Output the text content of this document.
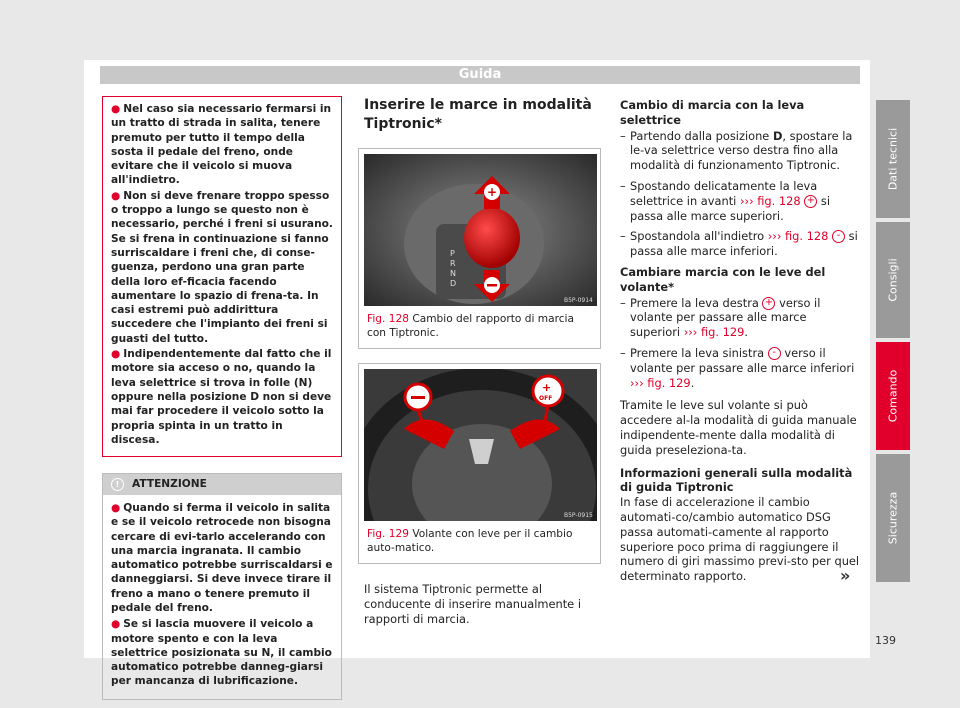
Guida

● Nel caso sia necessario fermarsi in un tratto di strada in salita, tenere premuto per tutto il tempo della sosta il pedale del freno, onde evitare che il veicolo si muova all'indietro.

● Non si deve frenare troppo spesso o troppo a lungo se questo non è necessario, perché i freni si usurano. Se si frena in continuazione si fanno surriscaldare i freni che, di conse-guenza, perdono una gran parte della loro ef-ficacia facendo aumentare lo spazio di frena-ta. In casi estremi può addirittura succedere che l'impianto dei freni si guasti del tutto.

● Indipendentemente dal fatto che il motore sia acceso o no, quando la leva selettrice si trova in folle (N) oppure nella posizione D non si deve mai far procedere il veicolo sotto la propria spinta in un tratto in discesa.

!	ATTENZIONE

● Quando si ferma il veicolo in salita e se il veicolo retrocede non bisogna cercare di evi-tarlo accelerando con una marcia ingranata. Il cambio automatico potrebbe surriscaldarsi e danneggiarsi. Si deve invece tirare il freno a mano o tenere premuto il pedale del freno.

● Se si lascia muovere il veicolo a motore spento e con la leva selettrice posizionata su N, il cambio automatico potrebbe danneg-giarsi per mancanza di lubrificazione.

Inserire le marce in modalità
Tiptronic*
P
R
N
D
+
B5P-0914
Fig. 128 Cambio del rapporto di marcia con Tiptronic.
+
OFF
B5P-0915
Fig. 129 Volante con leve per il cambio auto-matico.

Il sistema Tiptronic permette al conducente di inserire manualmente i rapporti di marcia.

Cambio di marcia con la leva selettrice

– Partendo dalla posizione D, spostare la le-va selettrice verso destra fino alla modalità di funzionamento Tiptronic.
– Spostando delicatamente la leva selettrice in avanti ››› fig. 128 + si passa alle marce superiori.
– Spostandola all'indietro ››› fig. 128 - si passa alle marce inferiori.

Cambiare marcia con le leve del volante*

– Premere la leva destra + verso il volante per passare alle marce superiori ››› fig. 129.
– Premere la leva sinistra - verso il volante per passare alle marce inferiori ››› fig. 129.

Tramite le leve sul volante si può accedere al-la modalità di guida manuale indipendente-mente dalla modalità di guida preseleziona-ta.

Informazioni generali sulla modalità di guida Tiptronic

In fase di accelerazione il cambio automati-co/cambio automatico DSG passa automati-camente al rapporto superiore poco prima di raggiungere il numero di giri massimo previ-sto per quel determinato rapporto.	»
Dati tecnici
Consigli
Comando
Sicurezza
139
